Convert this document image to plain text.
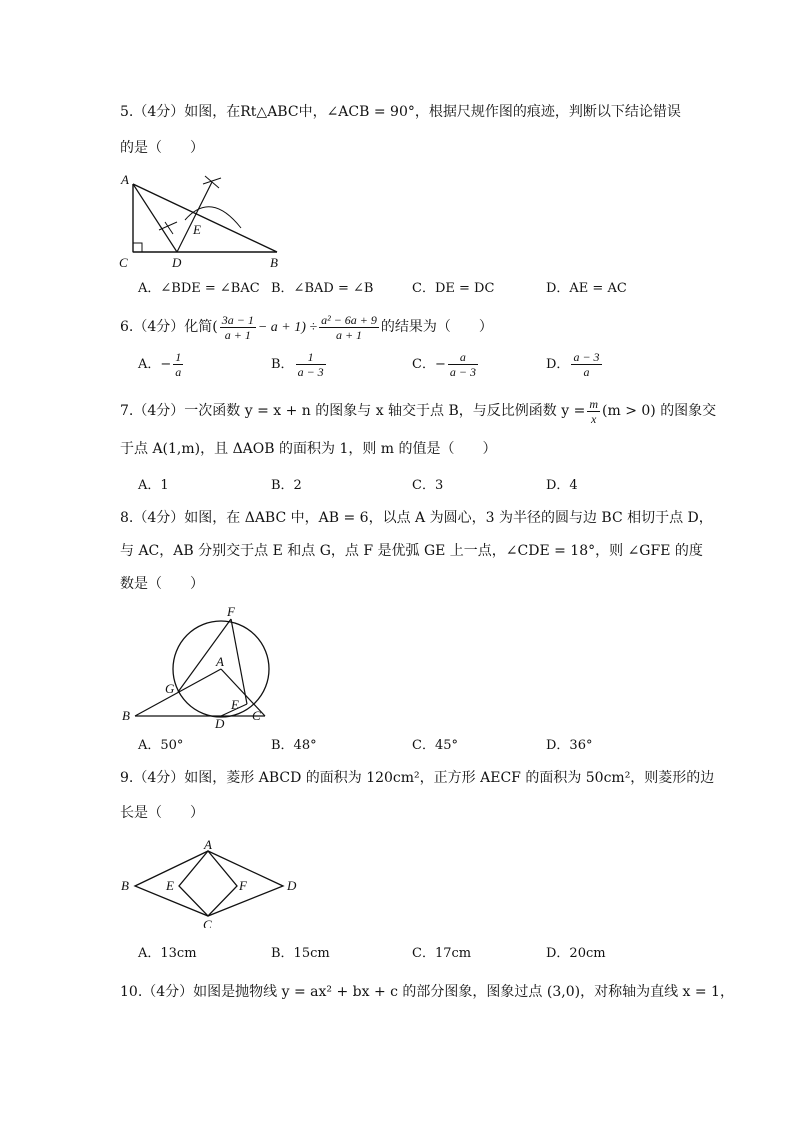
5.（4分）如图，在Rt△ABC中，∠ACB = 90°，根据尺规作图的痕迹，判断以下结论错误
的是（　　）
A
C	D	B
E
A．∠BDE = ∠BAC B．∠BAD = ∠B	C．DE = DC	D．AE = AC
6.（4分）化简( $\frac{3a - 1}{a + 1} - a + 1) \div \frac{\text{a² − 6a + 9}}{a + 1}$ 的结果为（　　）
A．− $\frac{1}{a}$	B． $\frac{1}{a - 3}$	C．− $\frac{a}{a - 3}$	D． $\frac{a - 3}{a}$
7.（4分）一次函数 y = x + n 的图象与 x 轴交于点 B，与反比例函数 $y = \frac{m}{x} (m > 0)$ 的图象交
于点 A(1,m)，且 ΔAOB 的面积为 1，则 m 的值是（　　）
A．1	B．2	C．3	D．4
8.（4分）如图，在 ΔABC 中，AB = 6，以点 A 为圆心，3 为半径的圆与边 BC 相切于点 D，
与 AC，AB 分别交于点 E 和点 G，点 F 是优弧 GE 上一点，∠CDE = 18°，则 ∠GFE 的度
数是（　　）
F
A
G
E
B
D
C
A．50°	B．48°	C．45°	D．36°
9.（4分）如图，菱形 ABCD 的面积为 120cm²，正方形 AECF 的面积为 50cm²，则菱形的边
长是（　　）
A
B
C
D
E	F
A．13cm	B．15cm	C．17cm	D．20cm
10.（4分）如图是抛物线 y = ax² + bx + c 的部分图象，图象过点 (3,0)，对称轴为直线 x = 1，
